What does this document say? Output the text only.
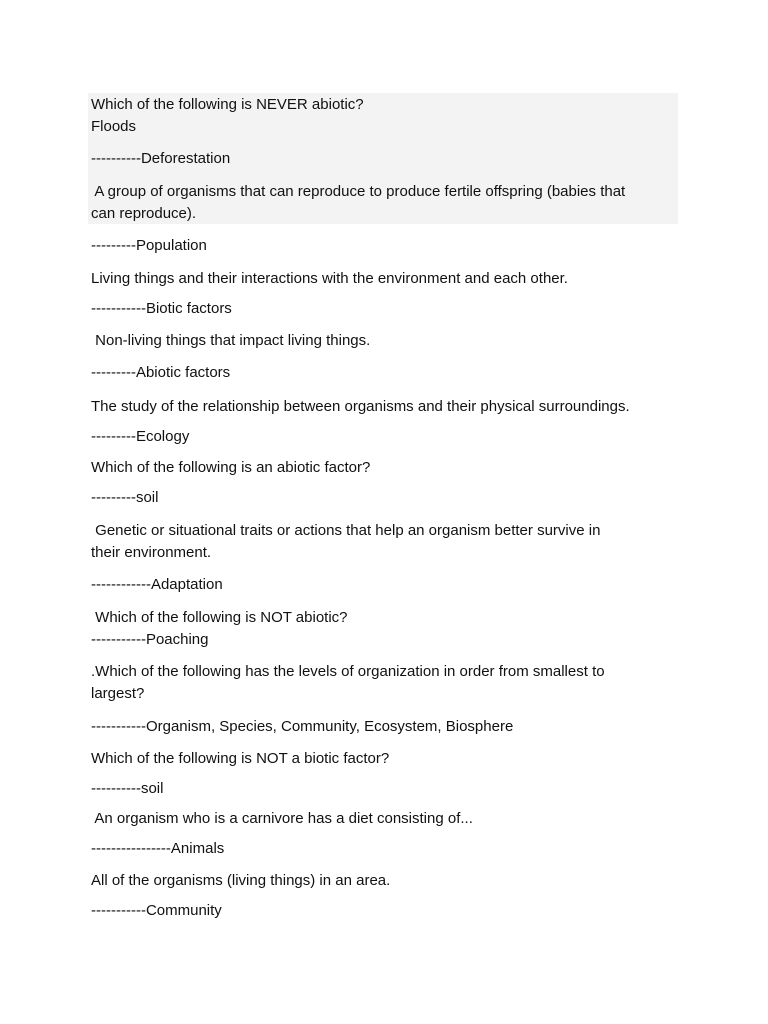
Which of the following is NEVER abiotic?
Floods
----------Deforestation
A group of organisms that can reproduce to produce fertile offspring (babies that
can reproduce).
---------Population
Living things and their interactions with the environment and each other.
-----------Biotic factors
Non-living things that impact living things.
---------Abiotic factors
The study of the relationship between organisms and their physical surroundings.
---------Ecology
Which of the following is an abiotic factor?
---------soil
Genetic or situational traits or actions that help an organism better survive in
their environment.
------------Adaptation
Which of the following is NOT abiotic?
-----------Poaching
.Which of the following has the levels of organization in order from smallest to
largest?
-----------Organism, Species, Community, Ecosystem, Biosphere
Which of the following is NOT a biotic factor?
----------soil
An organism who is a carnivore has a diet consisting of...
----------------Animals
All of the organisms (living things) in an area.
-----------Community
